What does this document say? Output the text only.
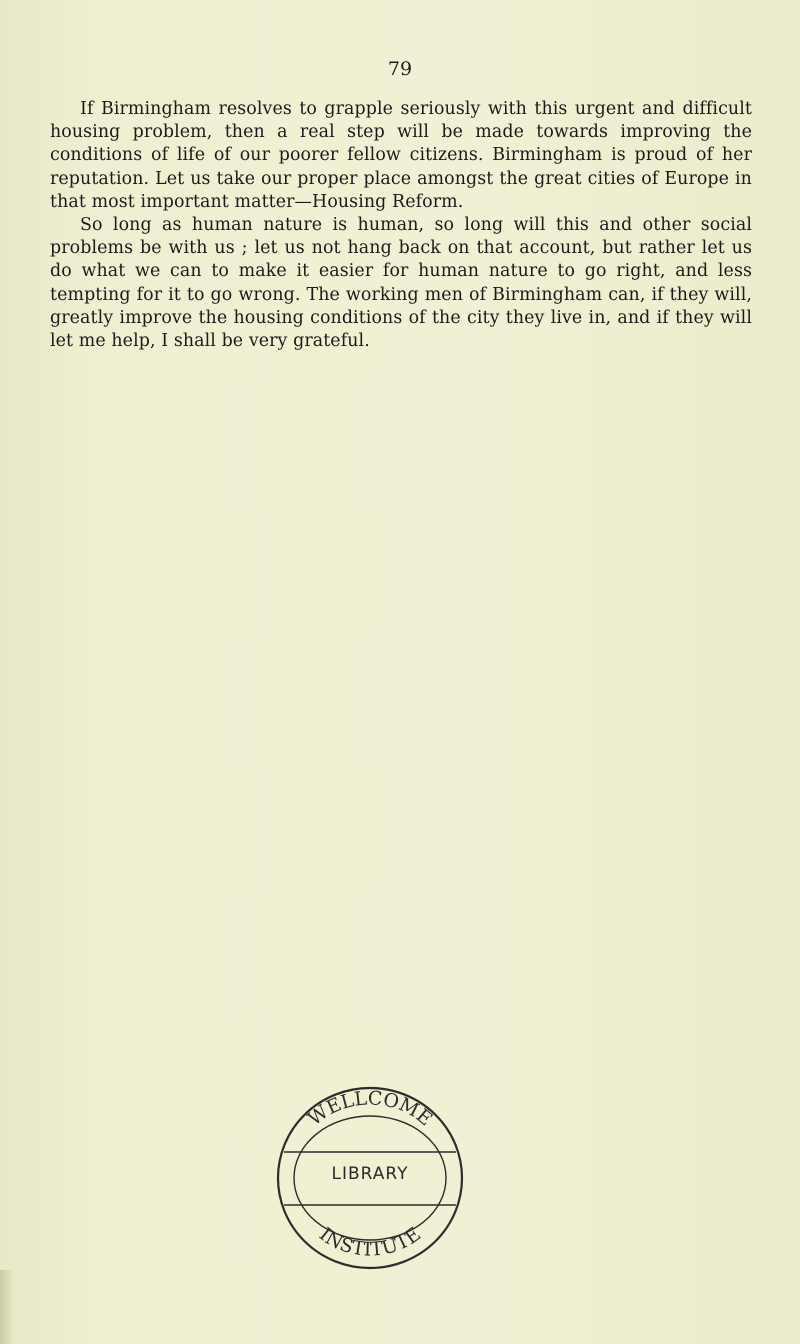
79

If Birmingham resolves to grapple seriously with this urgent and difficult housing problem, then a real step will be made towards improving the conditions of life of our poorer fellow citizens. Birmingham is proud of her reputation. Let us take our proper place amongst the great cities of Europe in that most important matter—Housing Reform.

So long as human nature is human, so long will this and other social problems be with us ; let us not hang back on that account, but rather let us do what we can to make it easier for human nature to go right, and less tempting for it to go wrong. The working men of Birmingham can, if they will, greatly improve the housing conditions of the city they live in, and if they will let me help, I shall be very grateful.

WELLCOME
INSTITUTE
LIBRARY
